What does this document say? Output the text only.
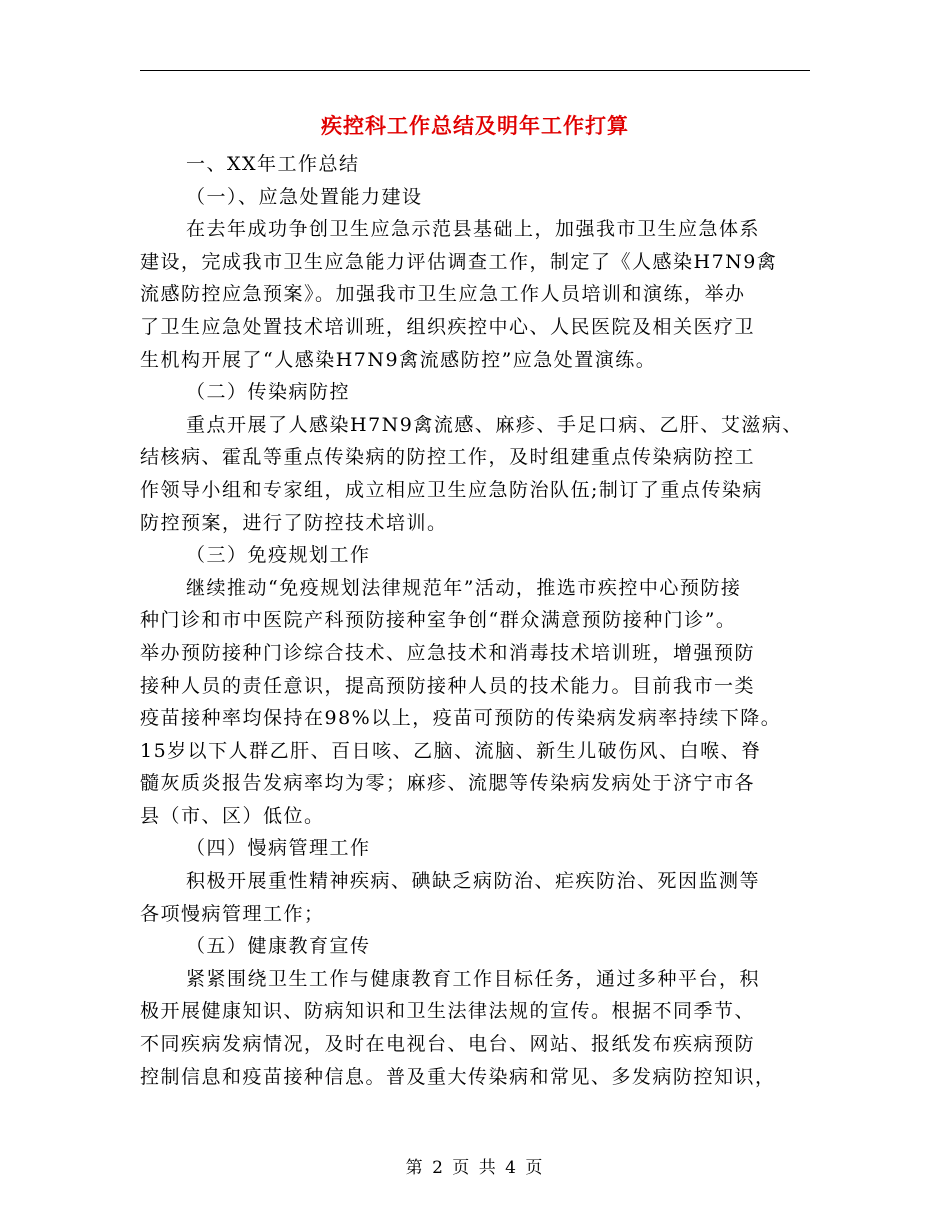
疾控科工作总结及明年工作打算
一、XX年工作总结
（一）、应急处置能力建设
在去年成功争创卫生应急示范县基础上，加强我市卫生应急体系
建设，完成我市卫生应急能力评估调查工作，制定了《人感染H7N9禽
流感防控应急预案》。加强我市卫生应急工作人员培训和演练，举办
了卫生应急处置技术培训班，组织疾控中心、人民医院及相关医疗卫
生机构开展了“人感染H7N9禽流感防控”应急处置演练。
（二）传染病防控
重点开展了人感染H7N9禽流感、麻疹、手足口病、乙肝、艾滋病、
结核病、霍乱等重点传染病的防控工作，及时组建重点传染病防控工
作领导小组和专家组，成立相应卫生应急防治队伍;制订了重点传染病
防控预案，进行了防控技术培训。
（三）免疫规划工作
继续推动“免疫规划法律规范年”活动，推选市疾控中心预防接
种门诊和市中医院产科预防接种室争创“群众满意预防接种门诊”。
举办预防接种门诊综合技术、应急技术和消毒技术培训班，增强预防
接种人员的责任意识，提高预防接种人员的技术能力。目前我市一类
疫苗接种率均保持在98%以上，疫苗可预防的传染病发病率持续下降。
15岁以下人群乙肝、百日咳、乙脑、流脑、新生儿破伤风、白喉、脊
髓灰质炎报告发病率均为零；麻疹、流腮等传染病发病处于济宁市各
县（市、区）低位。
（四）慢病管理工作
积极开展重性精神疾病、碘缺乏病防治、疟疾防治、死因监测等
各项慢病管理工作；
（五）健康教育宣传
紧紧围绕卫生工作与健康教育工作目标任务，通过多种平台，积
极开展健康知识、防病知识和卫生法律法规的宣传。根据不同季节、
不同疾病发病情况，及时在电视台、电台、网站、报纸发布疾病预防
控制信息和疫苗接种信息。普及重大传染病和常见、多发病防控知识，
第 2 页 共 4 页
